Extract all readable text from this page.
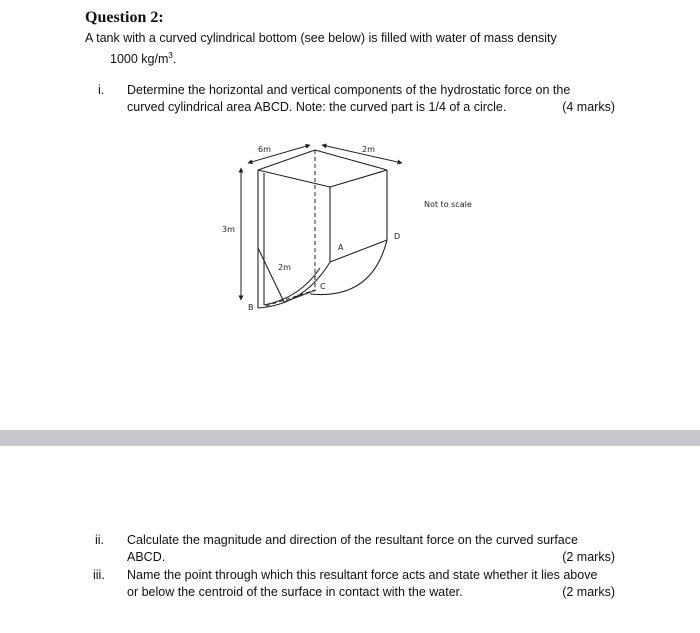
Question 2:
A tank with a curved cylindrical bottom (see below) is filled with water of mass density
1000 $kg/m^3$.
i. Determine the horizontal and vertical components of the hydrostatic force on the
curved cylindrical area ABCD. Note: the curved part is 1/4 of a circle.	(4 marks)
6m	2m
3m
2m
A
B
C
D
Not to scale
ii. Calculate the magnitude and direction of the resultant force on the curved surface
ABCD.	(2 marks)
iii. Name the point through which this resultant force acts and state whether it lies above
or below the centroid of the surface in contact with the water.	(2 marks)
